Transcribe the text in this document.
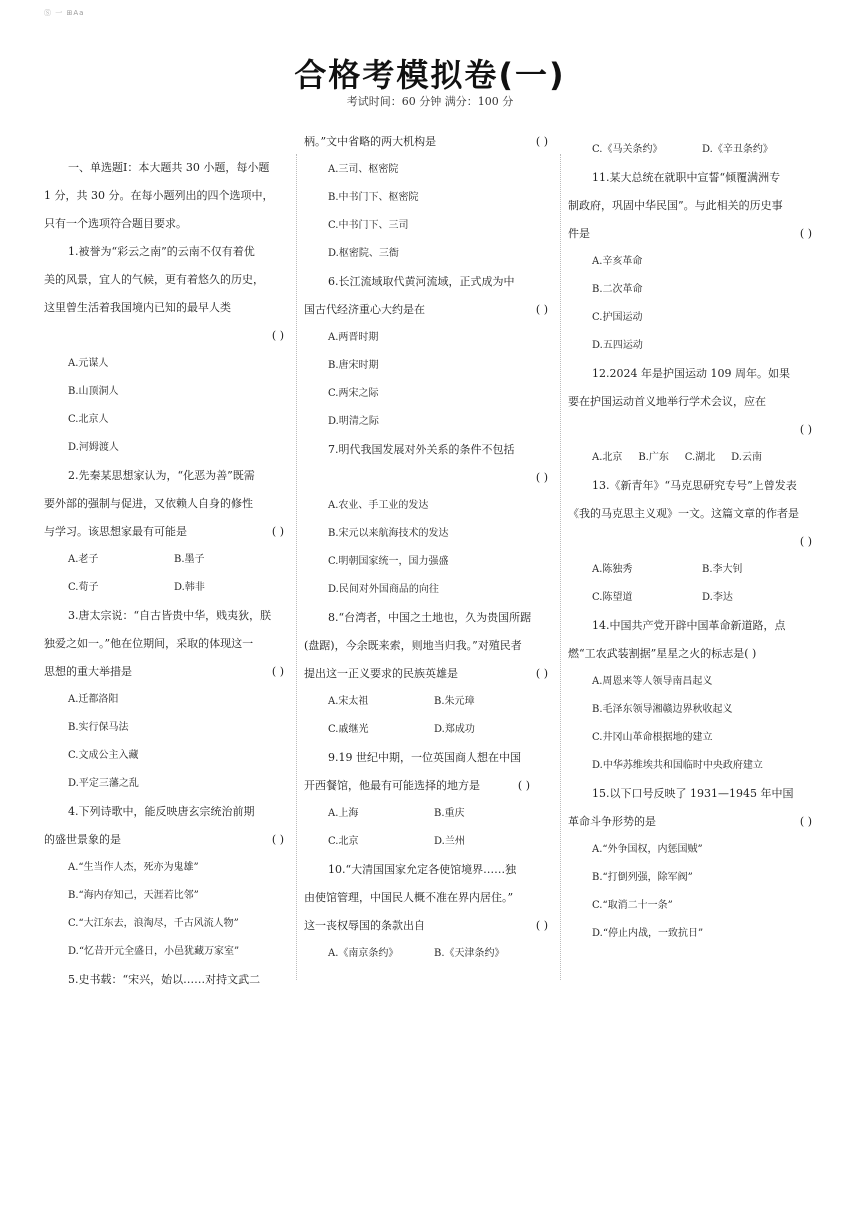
Ⓢ 一 ⊞Aa
合格考模拟卷(一)
考试时间：60 分钟 满分：100 分
一、单选题Ⅰ：本大题共 30 小题，每小题
1 分，共 30 分。在每小题列出的四个选项中，
只有一个选项符合题目要求。
1.被誉为“彩云之南”的云南不仅有着优
美的风景，宜人的气候，更有着悠久的历史，
这里曾生活着我国境内已知的最早人类
( )
A.元谋人
B.山顶洞人
C.北京人
D.河姆渡人
2.先秦某思想家认为，“化恶为善”既需
要外部的强制与促进，又依赖人自身的修性
与学习。该思想家最有可能是	( )
A.老子	B.墨子
C.荀子	D.韩非
3.唐太宗说：“自古皆贵中华，贱夷狄，朕
独爱之如一。”他在位期间，采取的体现这一
思想的重大举措是	( )
A.迁都洛阳
B.实行保马法
C.文成公主入藏
D.平定三藩之乱
4.下列诗歌中，能反映唐玄宗统治前期
的盛世景象的是	( )
A.“生当作人杰，死亦为鬼雄”
B.“海内存知己，天涯若比邻”
C.“大江东去，浪淘尽，千古风流人物”
D.“忆昔开元全盛日，小邑犹藏万家室”
5.史书载：“宋兴，始以……对持文武二
柄。”文中省略的两大机构是	( )
A.三司、枢密院
B.中书门下、枢密院
C.中书门下、三司
D.枢密院、三衙
6.长江流域取代黄河流域，正式成为中
国古代经济重心大约是在	( )
A.两晋时期
B.唐宋时期
C.两宋之际
D.明清之际
7.明代我国发展对外关系的条件不包括
( )
A.农业、手工业的发达
B.宋元以来航海技术的发达
C.明朝国家统一，国力强盛
D.民间对外国商品的向往
8.“台湾者，中国之土地也，久为贵国所踞
(盘踞)，今余既来索，则地当归我。”对殖民者
提出这一正义要求的民族英雄是	( )
A.宋太祖	B.朱元璋
C.戚继光	D.郑成功
9.19 世纪中期，一位英国商人想在中国
开西餐馆，他最有可能选择的地方是	( )
A.上海	B.重庆
C.北京	D.兰州
10.“大清国国家允定各使馆境界……独
由使馆管理，中国民人概不准在界内居住。”
这一丧权辱国的条款出自	( )
A.《南京条约》	B.《天津条约》
C.《马关条约》	D.《辛丑条约》
11.某大总统在就职中宣誓“倾覆满洲专
制政府，巩固中华民国”。与此相关的历史事
件是	( )
A.辛亥革命
B.二次革命
C.护国运动
D.五四运动
12.2024 年是护国运动 109 周年。如果
要在护国运动首义地举行学术会议，应在
( )
A.北京 B.广东 C.湖北 D.云南
13.《新青年》“马克思研究专号”上曾发表
《我的马克思主义观》一文。这篇文章的作者是
( )
A.陈独秀	B.李大钊
C.陈望道	D.李达
14.中国共产党开辟中国革命新道路，点
燃“工农武装割据”星星之火的标志是( )
A.周恩来等人领导南昌起义
B.毛泽东领导湘赣边界秋收起义
C.井冈山革命根据地的建立
D.中华苏维埃共和国临时中央政府建立
15.以下口号反映了 1931—1945 年中国
革命斗争形势的是	( )
A.“外争国权，内惩国贼”
B.“打倒列强，除军阀”
C.“取消二十一条”
D.“停止内战，一致抗日”
